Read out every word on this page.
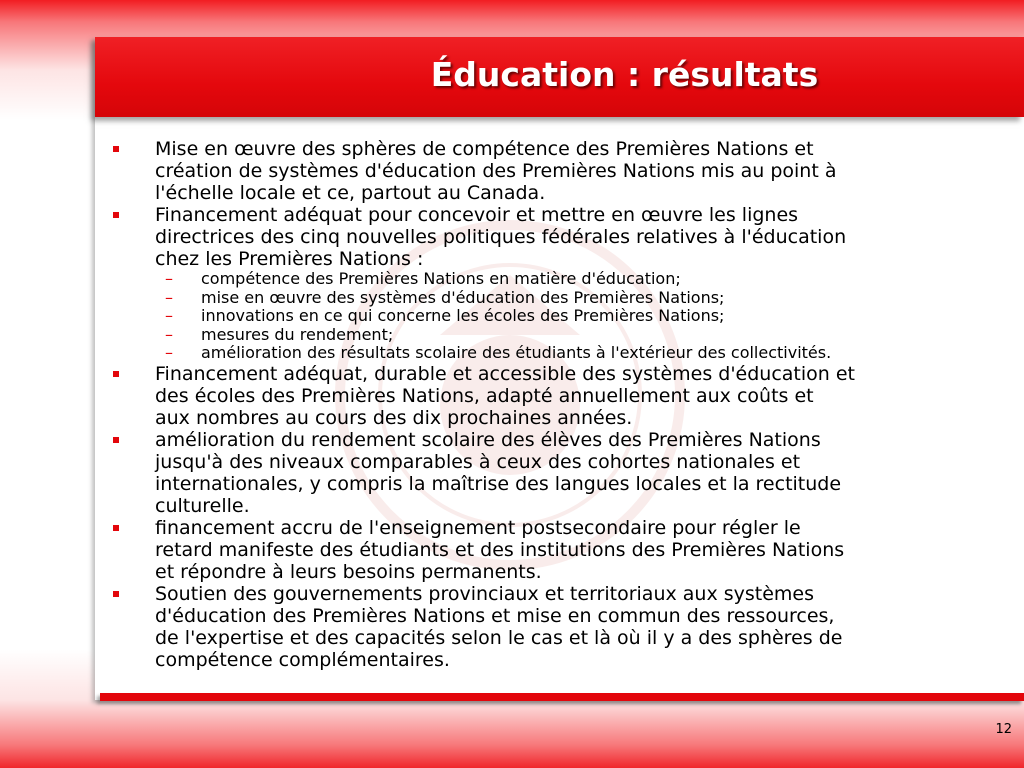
Éducation : résultats
Mise en œuvre des sphères de compétence des Premières Nations et
création de systèmes d'éducation des Premières Nations mis au point à
l'échelle locale et ce, partout au Canada.
Financement adéquat pour concevoir et mettre en œuvre les lignes
directrices des cinq nouvelles politiques fédérales relatives à l'éducation
chez les Premières Nations :
– compétence des Premières Nations en matière d'éducation;
– mise en œuvre des systèmes d'éducation des Premières Nations;
– innovations en ce qui concerne les écoles des Premières Nations;
– mesures du rendement;
– amélioration des résultats scolaire des étudiants à l'extérieur des collectivités.
Financement adéquat, durable et accessible des systèmes d'éducation et
des écoles des Premières Nations, adapté annuellement aux coûts et
aux nombres au cours des dix prochaines années.
amélioration du rendement scolaire des élèves des Premières Nations
jusqu'à des niveaux comparables à ceux des cohortes nationales et
internationales, y compris la maîtrise des langues locales et la rectitude
culturelle.
financement accru de l'enseignement postsecondaire pour régler le
retard manifeste des étudiants et des institutions des Premières Nations
et répondre à leurs besoins permanents.
Soutien des gouvernements provinciaux et territoriaux aux systèmes
d'éducation des Premières Nations et mise en commun des ressources,
de l'expertise et des capacités selon le cas et là où il y a des sphères de
compétence complémentaires.
12
